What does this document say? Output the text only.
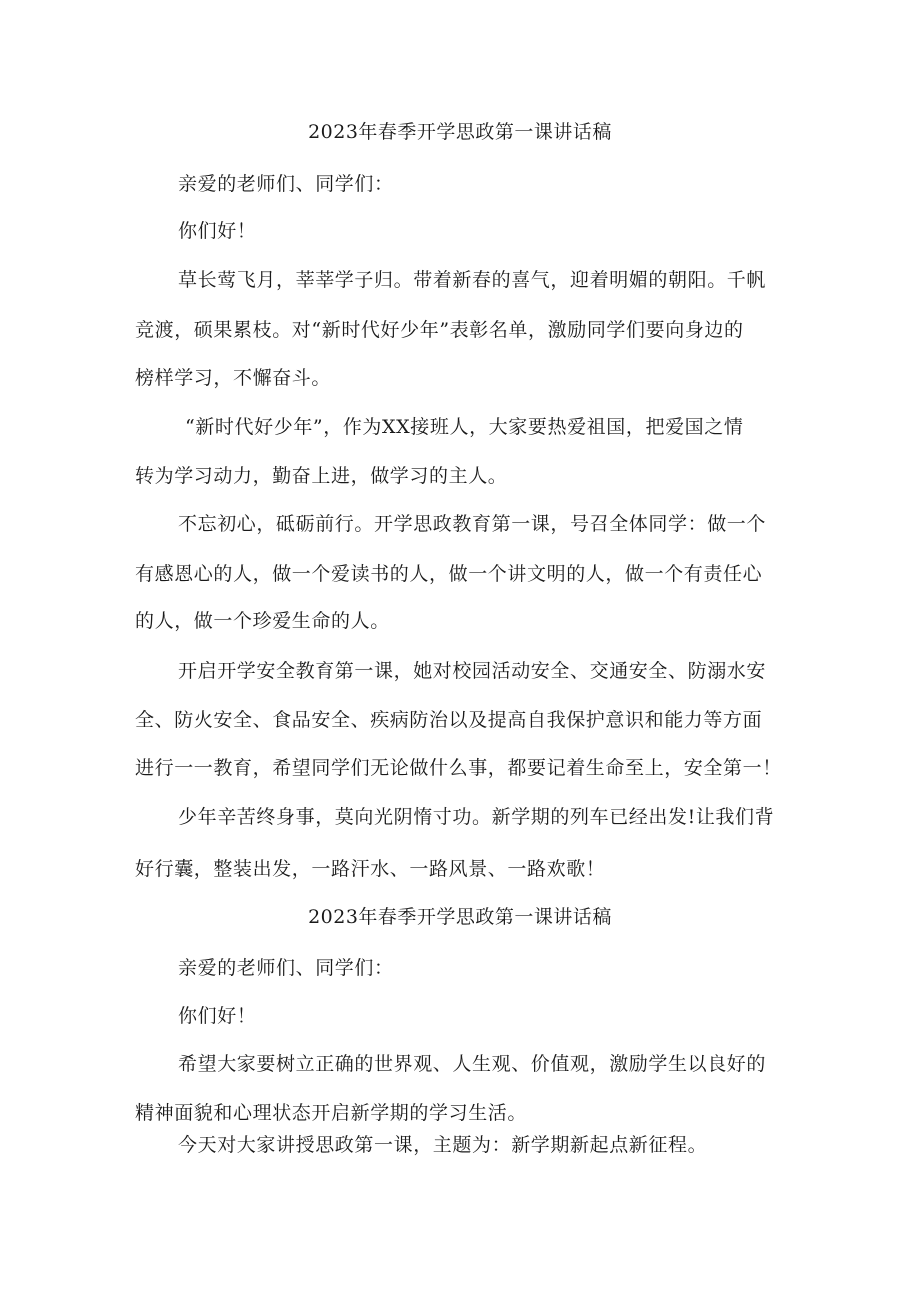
2023年春季开学思政第一课讲话稿
亲爱的老师们、同学们：
你们好！
草长莺飞月，莘莘学子归。带着新春的喜气，迎着明媚的朝阳。千帆
竞渡，硕果累枝。对“新时代好少年”表彰名单，激励同学们要向身边的
榜样学习，不懈奋斗。
“新时代好少年”，作为XX接班人，大家要热爱祖国，把爱国之情
转为学习动力，勤奋上进，做学习的主人。
不忘初心，砥砺前行。开学思政教育第一课，号召全体同学：做一个
有感恩心的人，做一个爱读书的人，做一个讲文明的人，做一个有责任心
的人，做一个珍爱生命的人。
开启开学安全教育第一课，她对校园活动安全、交通安全、防溺水安
全、防火安全、食品安全、疾病防治以及提高自我保护意识和能力等方面
进行一一教育，希望同学们无论做什么事，都要记着生命至上，安全第一！
少年辛苦终身事，莫向光阴惰寸功。新学期的列车已经出发!让我们背
好行囊，整装出发，一路汗水、一路风景、一路欢歌！
2023年春季开学思政第一课讲话稿
亲爱的老师们、同学们：
你们好！
希望大家要树立正确的世界观、人生观、价值观，激励学生以良好的
精神面貌和心理状态开启新学期的学习生活。
今天对大家讲授思政第一课，主题为：新学期新起点新征程。
